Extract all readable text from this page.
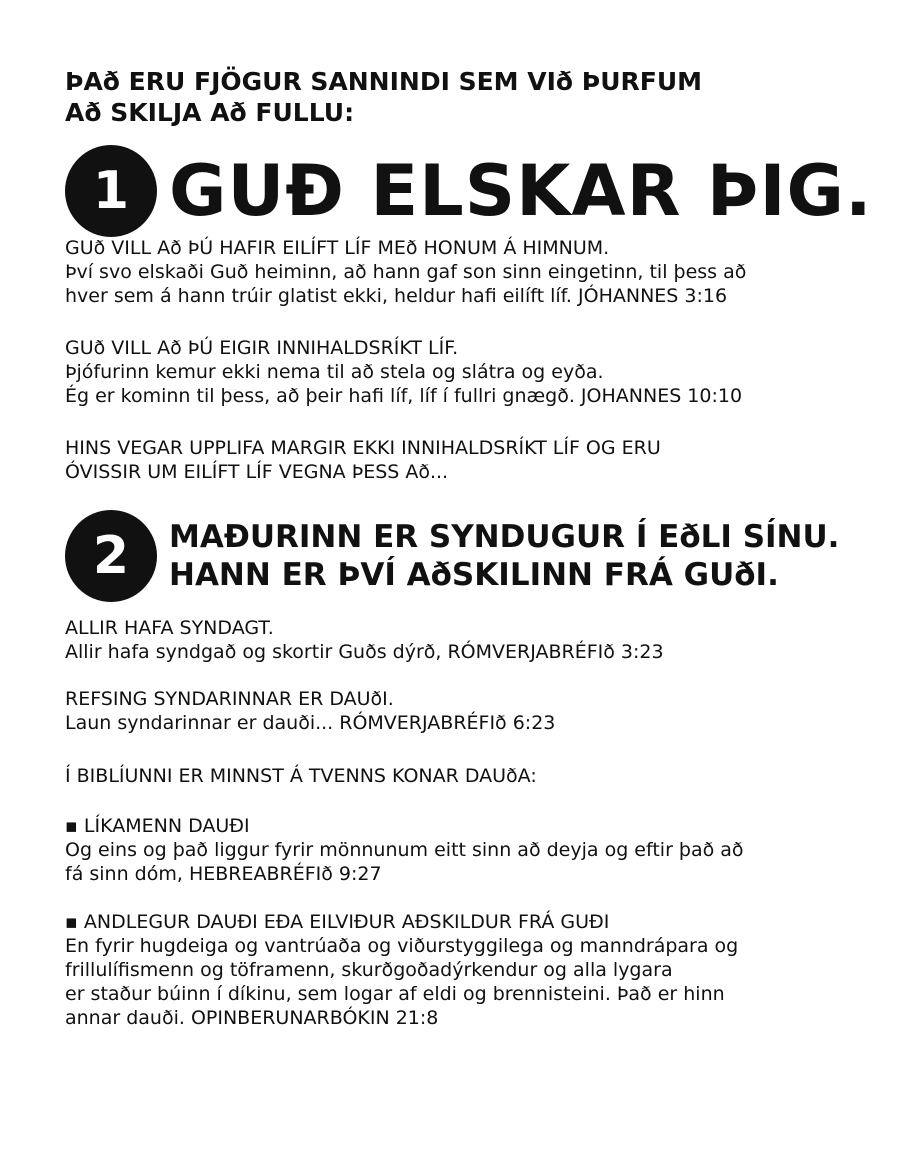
ÞAð ERU FJÖGUR SANNINDI SEM VIð ÞURFUM
Að SKILJA Að FULLU:
1 GUÐ ELSKAR ÞIG.

GUð VILL Að ÞÚ HAFIR EILÍFT LÍF MEð HONUM Á HIMNUM.

Því svo elskaði Guð heiminn, að hann gaf son sinn eingetinn, til þess að

hver sem á hann trúir glatist ekki, heldur hafi eilíft líf. JÓHANNES 3:16

GUð VILL Að ÞÚ EIGIR INNIHALDSRÍKT LÍF.

Þjófurinn kemur ekki nema til að stela og slátra og eyða.

Ég er kominn til þess, að þeir hafi líf, líf í fullri gnægð. JOHANNES 10:10

HINS VEGAR UPPLIFA MARGIR EKKI INNIHALDSRÍKT LÍF OG ERU

ÓVISSIR UM EILÍFT LÍF VEGNA ÞESS Að...

2	MAÐURINN ER SYNDUGUR Í EðLI SÍNU.
HANN ER ÞVÍ AðSKILINN FRÁ GUðI.

ALLIR HAFA SYNDAGT.

Allir hafa syndgað og skortir Guðs dýrð, RÓMVERJABRÉFIð 3:23

REFSING SYNDARINNAR ER DAUðI.

Laun syndarinnar er dauði... RÓMVERJABRÉFIð 6:23

Í BIBLÍUNNI ER MINNST Á TVENNS KONAR DAUðA:

▪ LÍKAMENN DAUÐI

Og eins og það liggur fyrir mönnunum eitt sinn að deyja og eftir það að

fá sinn dóm, HEBREABRÉFIð 9:27

▪ ANDLEGUR DAUÐI EÐA EILVIÐUR AÐSKILDUR FRÁ GUÐI

En fyrir hugdeiga og vantrúaða og viðurstyggilega og manndrápara og

frillulífismenn og töframenn, skurðgoðadýrkendur og alla lygara

er staður búinn í díkinu, sem logar af eldi og brennisteini. Það er hinn

annar dauði. OPINBERUNARBÓKIN 21:8
